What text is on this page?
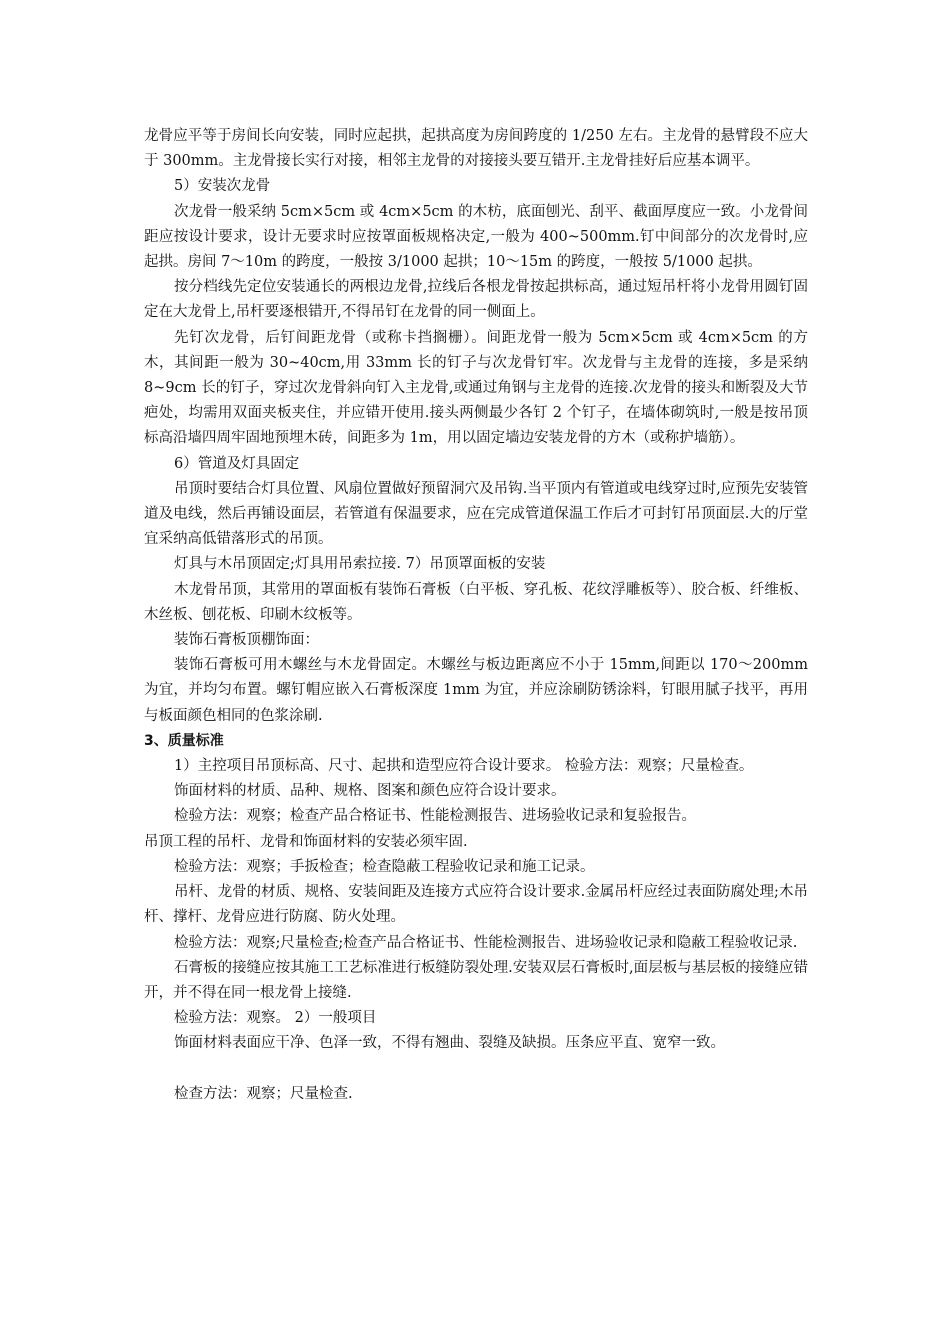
龙骨应平等于房间长向安装，同时应起拱，起拱高度为房间跨度的 1/250 左右。主龙骨的悬臂段不应大于 300mm。主龙骨接长实行对接，相邻主龙骨的对接接头要互错开.主龙骨挂好后应基本调平。

5）安装次龙骨

次龙骨一般采纳 5cm×5cm 或 4cm×5cm 的木枋，底面刨光、刮平、截面厚度应一致。小龙骨间距应按设计要求，设计无要求时应按罩面板规格决定,一般为 400~500mm.钉中间部分的次龙骨时,应起拱。房间 7～10m 的跨度，一般按 3/1000 起拱；10～15m 的跨度，一般按 5/1000 起拱。

按分档线先定位安装通长的两根边龙骨,拉线后各根龙骨按起拱标高，通过短吊杆将小龙骨用圆钉固定在大龙骨上,吊杆要逐根错开,不得吊钉在龙骨的同一侧面上。

先钉次龙骨，后钉间距龙骨（或称卡挡搁栅）。间距龙骨一般为 5cm×5cm 或 4cm×5cm 的方木，其间距一般为 30~40cm,用 33mm 长的钉子与次龙骨钉牢。次龙骨与主龙骨的连接，多是采纳 8~9cm 长的钉子，穿过次龙骨斜向钉入主龙骨,或通过角钢与主龙骨的连接.次龙骨的接头和断裂及大节疤处，均需用双面夹板夹住，并应错开使用.接头两侧最少各钉 2 个钉子，在墙体砌筑时,一般是按吊顶标高沿墙四周牢固地预埋木砖，间距多为 1m，用以固定墙边安装龙骨的方木（或称护墙筋）。

6）管道及灯具固定

吊顶时要结合灯具位置、风扇位置做好预留洞穴及吊钩.当平顶内有管道或电线穿过时,应预先安装管道及电线，然后再铺设面层，若管道有保温要求，应在完成管道保温工作后才可封钉吊顶面层.大的厅堂宜采纳高低错落形式的吊顶。

灯具与木吊顶固定;灯具用吊索拉接. 7）吊顶罩面板的安装

木龙骨吊顶，其常用的罩面板有装饰石膏板（白平板、穿孔板、花纹浮雕板等）、胶合板、纤维板、木丝板、刨花板、印刷木纹板等。

装饰石膏板顶棚饰面：

装饰石膏板可用木螺丝与木龙骨固定。木螺丝与板边距离应不小于 15mm,间距以 170～200mm 为宜，并均匀布置。螺钉帽应嵌入石膏板深度 1mm 为宜，并应涂刷防锈涂料，钉眼用腻子找平，再用与板面颜色相同的色浆涂刷.

3、质量标准

1）主控项目吊顶标高、尺寸、起拱和造型应符合设计要求。 检验方法：观察；尺量检查。

饰面材料的材质、品种、规格、图案和颜色应符合设计要求。

检验方法：观察；检查产品合格证书、性能检测报告、进场验收记录和复验报告。

吊顶工程的吊杆、龙骨和饰面材料的安装必须牢固.

检验方法：观察；手扳检查；检查隐蔽工程验收记录和施工记录。

吊杆、龙骨的材质、规格、安装间距及连接方式应符合设计要求.金属吊杆应经过表面防腐处理;木吊杆、撑杆、龙骨应进行防腐、防火处理。

检验方法：观察;尺量检查;检查产品合格证书、性能检测报告、进场验收记录和隐蔽工程验收记录.

石膏板的接缝应按其施工工艺标准进行板缝防裂处理.安装双层石膏板时,面层板与基层板的接缝应错开，并不得在同一根龙骨上接缝.

检验方法：观察。 2）一般项目

饰面材料表面应干净、色泽一致，不得有翘曲、裂缝及缺损。压条应平直、宽窄一致。

检查方法：观察；尺量检查.
